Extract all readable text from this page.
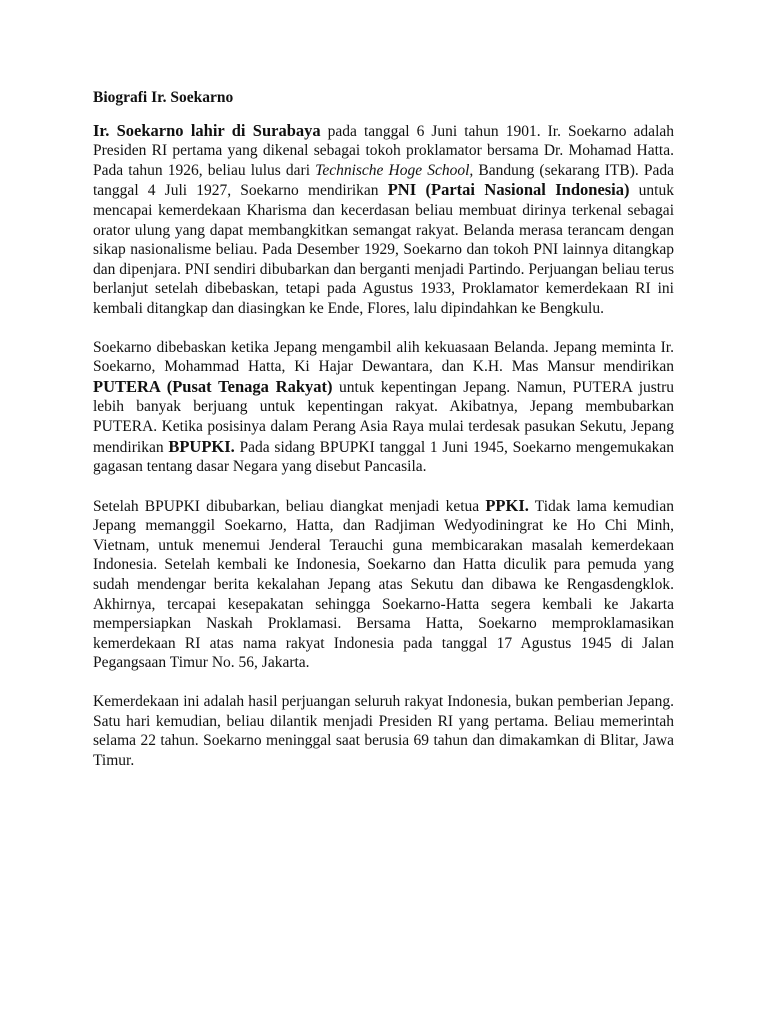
Biografi Ir. Soekarno

Ir. Soekarno lahir di Surabaya pada tanggal 6 Juni tahun 1901. Ir. Soekarno adalah Presiden RI pertama yang dikenal sebagai tokoh proklamator bersama Dr. Mohamad Hatta. Pada tahun 1926, beliau lulus dari Technische Hoge School, Bandung (sekarang ITB). Pada tanggal 4 Juli 1927, Soekarno mendirikan PNI (Partai Nasional Indonesia) untuk mencapai kemerdekaan Kharisma dan kecerdasan beliau membuat dirinya terkenal sebagai orator ulung yang dapat membangkitkan semangat rakyat. Belanda merasa terancam dengan sikap nasionalisme beliau. Pada Desember 1929, Soekarno dan tokoh PNI lainnya ditangkap dan dipenjara. PNI sendiri dibubarkan dan berganti menjadi Partindo. Perjuangan beliau terus berlanjut setelah dibebaskan, tetapi pada Agustus 1933, Proklamator kemerdekaan RI ini kembali ditangkap dan diasingkan ke Ende, Flores, lalu dipindahkan ke Bengkulu.

Soekarno dibebaskan ketika Jepang mengambil alih kekuasaan Belanda. Jepang meminta Ir. Soekarno, Mohammad Hatta, Ki Hajar Dewantara, dan K.H. Mas Mansur mendirikan PUTERA (Pusat Tenaga Rakyat) untuk kepentingan Jepang. Namun, PUTERA justru lebih banyak berjuang untuk kepentingan rakyat. Akibatnya, Jepang membubarkan PUTERA. Ketika posisinya dalam Perang Asia Raya mulai terdesak pasukan Sekutu, Jepang mendirikan BPUPKI. Pada sidang BPUPKI tanggal 1 Juni 1945, Soekarno mengemukakan gagasan tentang dasar Negara yang disebut Pancasila.

Setelah BPUPKI dibubarkan, beliau diangkat menjadi ketua PPKI. Tidak lama kemudian Jepang memanggil Soekarno, Hatta, dan Radjiman Wedyodiningrat ke Ho Chi Minh, Vietnam, untuk menemui Jenderal Terauchi guna membicarakan masalah kemerdekaan Indonesia. Setelah kembali ke Indonesia, Soekarno dan Hatta diculik para pemuda yang sudah mendengar berita kekalahan Jepang atas Sekutu dan dibawa ke Rengasdengklok. Akhirnya, tercapai kesepakatan sehingga Soekarno-Hatta segera kembali ke Jakarta mempersiapkan Naskah Proklamasi. Bersama Hatta, Soekarno memproklamasikan kemerdekaan RI atas nama rakyat Indonesia pada tanggal 17 Agustus 1945 di Jalan Pegangsaan Timur No. 56, Jakarta.

Kemerdekaan ini adalah hasil perjuangan seluruh rakyat Indonesia, bukan pemberian Jepang. Satu hari kemudian, beliau dilantik menjadi Presiden RI yang pertama. Beliau memerintah selama 22 tahun. Soekarno meninggal saat berusia 69 tahun dan dimakamkan di Blitar, Jawa Timur.
